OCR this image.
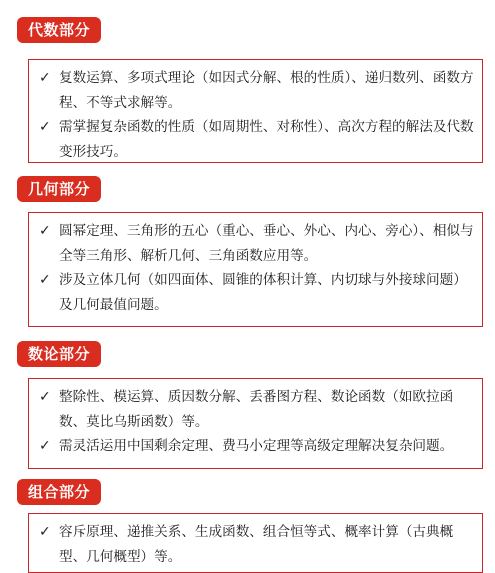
代数部分
✓ 复数运算、多项式理论（如因式分解、根的性质）、递归数列、函数方程、不等式求解等。
✓ 需掌握复杂函数的性质（如周期性、对称性）、高次方程的解法及代数变形技巧。
几何部分
✓ 圆幂定理、三角形的五心（重心、垂心、外心、内心、旁心）、相似与全等三角形、解析几何、三角函数应用等。
✓ 涉及立体几何（如四面体、圆锥的体积计算、内切球与外接球问题）及几何最值问题。
数论部分
✓ 整除性、模运算、质因数分解、丢番图方程、数论函数（如欧拉函数、莫比乌斯函数）等。
✓ 需灵活运用中国剩余定理、费马小定理等高级定理解决复杂问题。
组合部分
✓ 容斥原理、递推关系、生成函数、组合恒等式、概率计算（古典概型、几何概型）等。
